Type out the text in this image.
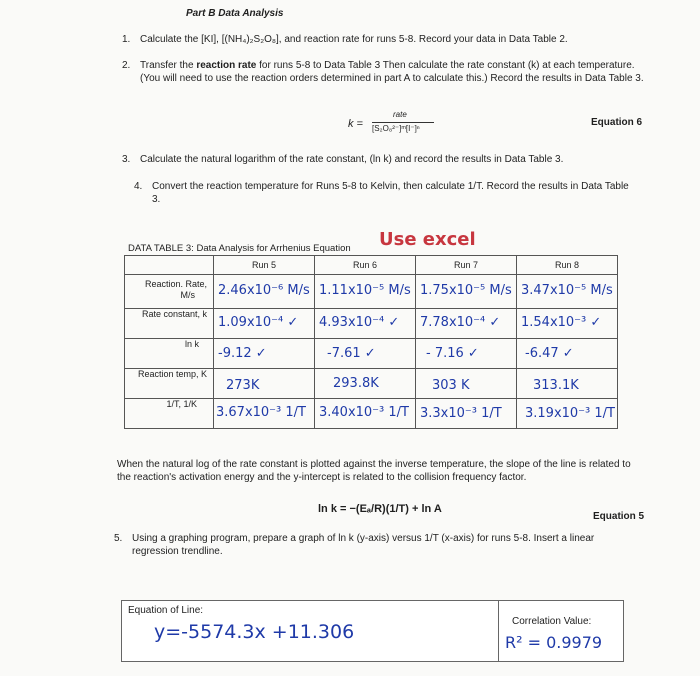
Part B Data Analysis
1. Calculate the [KI], [(NH₄)₂S₂O₈], and reaction rate for runs 5-8. Record your data in Data Table 2.
2. Transfer the reaction rate for runs 5-8 to Data Table 3 Then calculate the rate constant (k) at each temperature. (You will need to use the reaction orders determined in part A to calculate this.) Record the results in Data Table 3.
k =
rate
[S₂O₈²⁻]ᵐ[I⁻]ⁿ
Equation 6
3. Calculate the natural logarithm of the rate constant, (ln k) and record the results in Data Table 3.
4. Convert the reaction temperature for Runs 5-8 to Kelvin, then calculate 1/T. Record the results in Data Table 3.
DATA TABLE 3: Data Analysis for Arrhenius Equation Use excel
	Run 5	Run 6	Run 7	Run 8

Reaction. Rate,
M/s	2.46x10⁻⁶ M/s	1.11x10⁻⁵ M/s	1.75x10⁻⁵ M/s	3.47x10⁻⁵ M/s

Rate constant, k	1.09x10⁻⁴ ✓	4.93x10⁻⁴ ✓	7.78x10⁻⁴ ✓	1.54x10⁻³ ✓

ln k	-9.12 ✓	-7.61 ✓	- 7.16 ✓	-6.47 ✓

Reaction temp, K	273K	293.8K	303 K	313.1K

1/T, 1/K	3.67x10⁻³ 1/T	3.40x10⁻³ 1/T	3.3x10⁻³ 1/T	3.19x10⁻³ 1/T
When the natural log of the rate constant is plotted against the inverse temperature, the slope of the line is related to the reaction's activation energy and the y-intercept is related to the collision frequency factor.
ln k = −(Eₐ/R)(1/T) + ln A
Equation 5
5. Using a graphing program, prepare a graph of ln k (y-axis) versus 1/T (x-axis) for runs 5-8. Insert a linear regression trendline.
Equation of Line:
y=-5574.3x +11.306	Correlation Value:
R² = 0.9979
